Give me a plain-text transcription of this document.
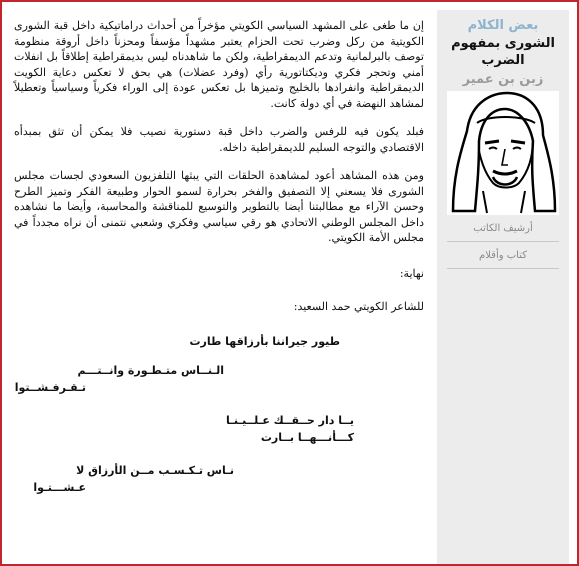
إن ما طغى على المشهد السياسي الكويتي مؤخراً من أحداث دراماتيكية داخل قبة الشورى الكويتية من ركل وضرب تحت الحزام يعتبر مشهداً مؤسفاً ومحزناً داخل أروقة منظومة توصف بالبرلمانية وتدعم الديمقراطية، ولكن ما شاهدناه ليس بديمقراطية إطلاقاً بل انفلات أمني وتحجر فكري وديكتاتورية رأي (وفرد عضلات) هي بحق لا تعكس دعاية الكويت الديمقراطية وانفرادها بالخليج وتميزها بل تعكس عودة إلى الوراء فكرياً وسياسياً وتعطيلاً لمشاهد النهضة في أي دولة كانت.

فبلد يكون فيه للرفس والضرب داخل قبة دستورية نصيب فلا يمكن أن تثق بمبدأه الاقتصادي والتوجه السليم للديمقراطية داخله.

ومن هذه المشاهد أعود لمشاهدة الحلقات التي يبثها التلفزيون السعودي لجسات مجلس الشورى فلا يسعني إلا التصفيق والفخر بحرارة لسمو الحوار وطبيعة الفكر وتميز الطرح وحسن الآراء مع مطالبتنا أيضا بالتطوير والتوسيع للمناقشة والمحاسبة، وأيضا ما نشاهده داخل المجلس الوطني الاتحادي هو رقي سياسي وفكري وشعبي نتمنى أن نراه مجدداً في مجلس الأمة الكويتي.

نهاية:
للشاعر الكويتي حمد السعيد:
طيور جيراننا بأرزاقها طارت
الـنــاس متـطـورة وانــتـــم
تـقـرفـشــتوا
يــا دار حــقــك عـلــيـنـا
كـــأنـــهــا بــارت
نـاس تـكـسـب مــن الأرزاق لا
عـشـــتـوا
بعض الكلام
الشورى بمفهوم الضرب
زبن بن عمير
أرشيف الكاتب
كتاب وأقلام
